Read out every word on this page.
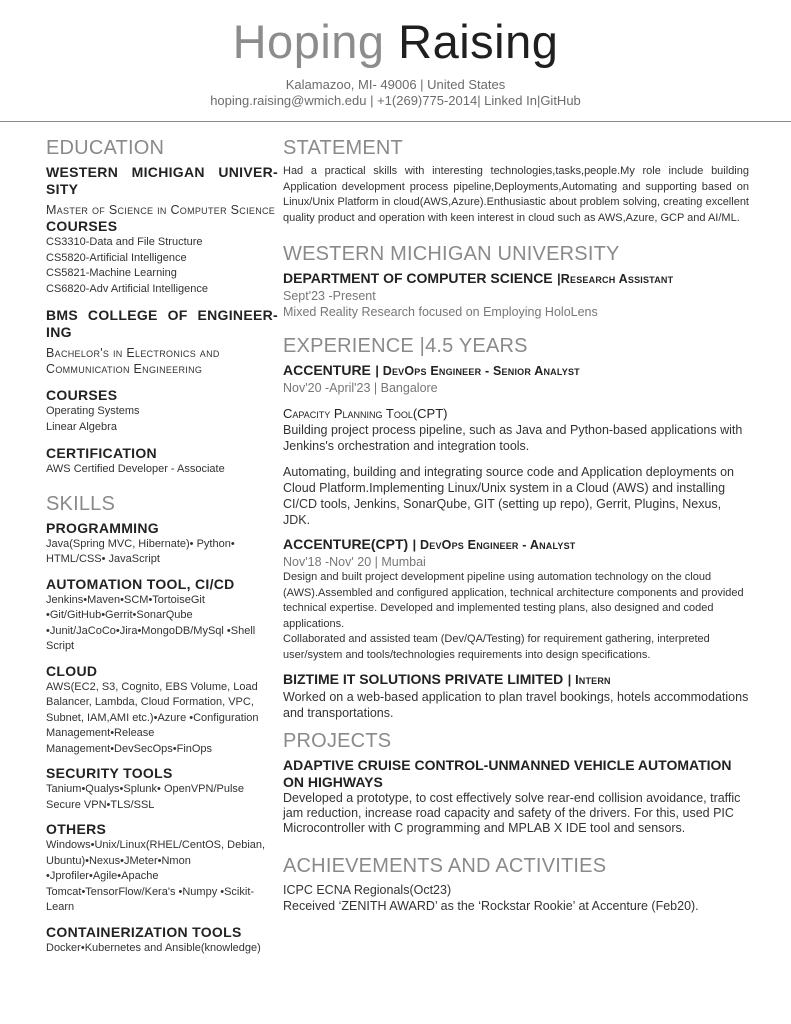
Hoping Raising
Kalamazoo, MI- 49006 | United States
hoping.raising@wmich.edu | +1(269)775-2014| Linked In|GitHub
EDUCATION
WESTERN MICHIGAN UNIVER-SITY
Master of Science in Computer Science
COURSES
CS3310-Data and File Structure
CS5820-Artificial Intelligence
CS5821-Machine Learning
CS6820-Adv Artificial Intelligence
BMS COLLEGE OF ENGINEER-ING
Bachelor's in Electronics and Communication Engineering
COURSES
Operating Systems
Linear Algebra
CERTIFICATION
AWS Certified Developer - Associate
SKILLS
PROGRAMMING
Java(Spring MVC, Hibernate)• Python• HTML/CSS• JavaScript
AUTOMATION TOOL, CI/CD
Jenkins•Maven•SCM•TortoiseGit •Git/GitHub•Gerrit•SonarQube •Junit/JaCoCo•Jira•MongoDB/MySql •Shell Script
CLOUD
AWS(EC2, S3, Cognito, EBS Volume, Load Balancer, Lambda, Cloud Formation, VPC, Subnet, IAM,AMI etc.)•Azure •Configuration Management•Release Management•DevSecOps•FinOps
SECURITY TOOLS
Tanium•Qualys•Splunk• OpenVPN/Pulse Secure VPN•TLS/SSL
OTHERS
Windows•Unix/Linux(RHEL/CentOS, Debian, Ubuntu)•Nexus•JMeter•Nmon •Jprofiler•Agile•Apache Tomcat•TensorFlow/Kera's •Numpy •Scikit-Learn
CONTAINERIZATION TOOLS
Docker•Kubernetes and Ansible(knowledge)
STATEMENT
Had a practical skills with interesting technologies,tasks,people.My role include building Application development process pipeline,Deployments,Automating and supporting based on Linux/Unix Platform in cloud(AWS,Azure).Enthusiastic about problem solving, creating excellent quality product and operation with keen interest in cloud such as AWS,Azure, GCP and AI/ML.
WESTERN MICHIGAN UNIVERSITY
DEPARTMENT OF COMPUTER SCIENCE |Research Assistant
Sept'23 -Present
Mixed Reality Research focused on Employing HoloLens
EXPERIENCE |4.5 YEARS
ACCENTURE | DevOps Engineer - Senior Analyst
Nov'20 -April'23 | Bangalore
Capacity Planning Tool(CPT)
Building project process pipeline, such as Java and Python-based applications with Jenkins's orchestration and integration tools.
Automating, building and integrating source code and Application deployments on Cloud Platform.Implementing Linux/Unix system in a Cloud (AWS) and installing CI/CD tools, Jenkins, SonarQube, GIT (setting up repo), Gerrit, Plugins, Nexus, JDK.
ACCENTURE(CPT) | DevOps Engineer - Analyst
Nov'18 -Nov' 20 | Mumbai
Design and built project development pipeline using automation technology on the cloud (AWS).Assembled and configured application, technical architecture components and provided technical expertise. Developed and implemented testing plans, also designed and coded applications.
Collaborated and assisted team (Dev/QA/Testing) for requirement gathering, interpreted user/system and tools/technologies requirements into design specifications.
BIZTIME IT SOLUTIONS PRIVATE LIMITED | Intern
Worked on a web-based application to plan travel bookings, hotels accommodations and transportations.
PROJECTS
ADAPTIVE CRUISE CONTROL-UNMANNED VEHICLE AUTOMATION ON HIGHWAYS
Developed a prototype, to cost effectively solve rear-end collision avoidance, traffic jam reduction, increase road capacity and safety of the drivers. For this, used PIC Microcontroller with C programming and MPLAB X IDE tool and sensors.
ACHIEVEMENTS AND ACTIVITIES
ICPC ECNA Regionals(Oct23)
Received ‘ZENITH AWARD’ as the ‘Rockstar Rookie’ at Accenture (Feb20).
